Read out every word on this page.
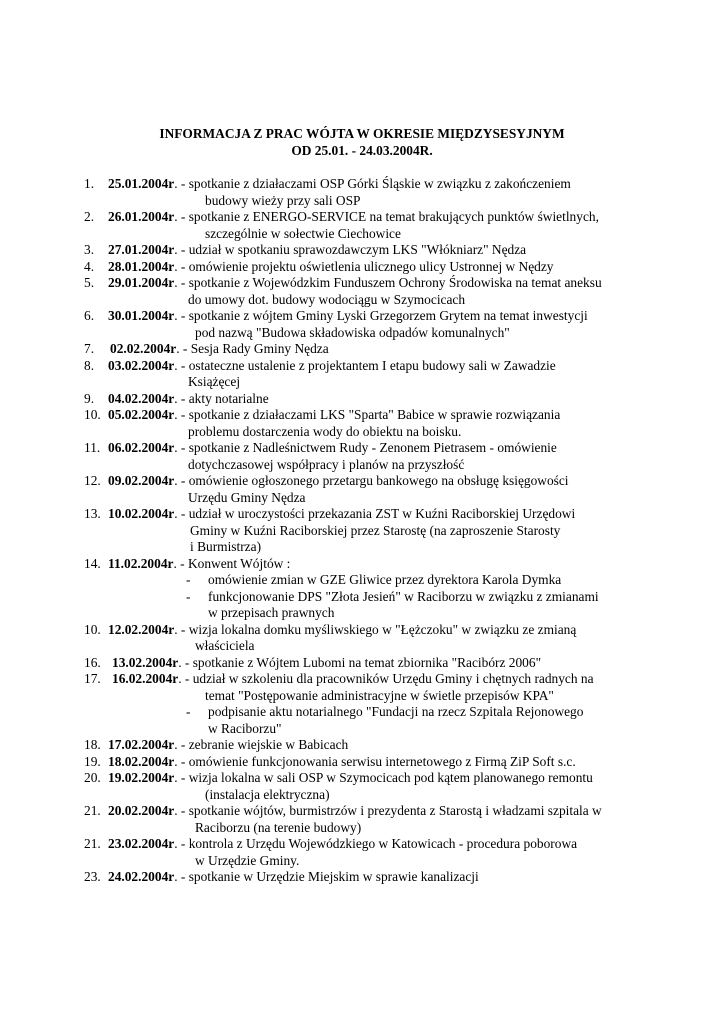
INFORMACJA Z PRAC WÓJTA W OKRESIE MIĘDZYSESYJNYM
OD 25.01. - 24.03.2004R.
1.	25.01.2004r. - spotkanie z działaczami OSP Górki Śląskie w związku z zakończeniem
budowy wieży przy sali OSP
2.	26.01.2004r. - spotkanie z ENERGO-SERVICE na temat brakujących punktów świetlnych,
szczególnie w sołectwie Ciechowice
3.	27.01.2004r. - udział w spotkaniu sprawozdawczym LKS "Włókniarz" Nędza
4.	28.01.2004r. - omówienie projektu oświetlenia ulicznego ulicy Ustronnej w Nędzy
5.	29.01.2004r. - spotkanie z Wojewódzkim Funduszem Ochrony Środowiska na temat aneksu
do umowy dot. budowy wodociągu w Szymocicach
6.	30.01.2004r. - spotkanie z wójtem Gminy Lyski Grzegorzem Grytem na temat inwestycji
pod nazwą "Budowa składowiska odpadów komunalnych"
7.	02.02.2004r. - Sesja Rady Gminy Nędza
8.	03.02.2004r. - ostateczne ustalenie z projektantem I etapu budowy sali w Zawadzie
Książęcej
9.	04.02.2004r. - akty notarialne
10. 05.02.2004r. - spotkanie z działaczami LKS "Sparta" Babice w sprawie rozwiązania
problemu dostarczenia wody do obiektu na boisku.
11. 06.02.2004r. - spotkanie z Nadleśnictwem Rudy - Zenonem Pietrasem - omówienie
dotychczasowej współpracy i planów na przyszłość
12. 09.02.2004r. - omówienie ogłoszonego przetargu bankowego na obsługę księgowości
Urzędu Gminy Nędza
13. 10.02.2004r. - udział w uroczystości przekazania ZST w Kuźni Raciborskiej Urzędowi
Gminy w Kuźni Raciborskiej przez Starostę (na zaproszenie Starosty
i Burmistrza)
14. 11.02.2004r. - Konwent Wójtów :
-	omówienie zmian w GZE Gliwice przez dyrektora Karola Dymka
-	funkcjonowanie DPS "Złota Jesień" w Raciborzu w związku z zmianami
w przepisach prawnych
10. 12.02.2004r. - wizja lokalna domku myśliwskiego w "Łężczoku" w związku ze zmianą
właściciela
16. 13.02.2004r. - spotkanie z Wójtem Lubomi na temat zbiornika "Racibórz 2006"
17. 16.02.2004r. - udział w szkoleniu dla pracowników Urzędu Gminy i chętnych radnych na
temat "Postępowanie administracyjne w świetle przepisów KPA"
-	podpisanie aktu notarialnego "Fundacji na rzecz Szpitala Rejonowego
w Raciborzu"
18. 17.02.2004r. - zebranie wiejskie w Babicach
19. 18.02.2004r. - omówienie funkcjonowania serwisu internetowego z Firmą ZiP Soft s.c.
20. 19.02.2004r. - wizja lokalna w sali OSP w Szymocicach pod kątem planowanego remontu
(instalacja elektryczna)
21. 20.02.2004r. - spotkanie wójtów, burmistrzów i prezydenta z Starostą i władzami szpitala w
Raciborzu (na terenie budowy)
21. 23.02.2004r. - kontrola z Urzędu Wojewódzkiego w Katowicach - procedura poborowa
w Urzędzie Gminy.
23. 24.02.2004r. - spotkanie w Urzędzie Miejskim w sprawie kanalizacji
